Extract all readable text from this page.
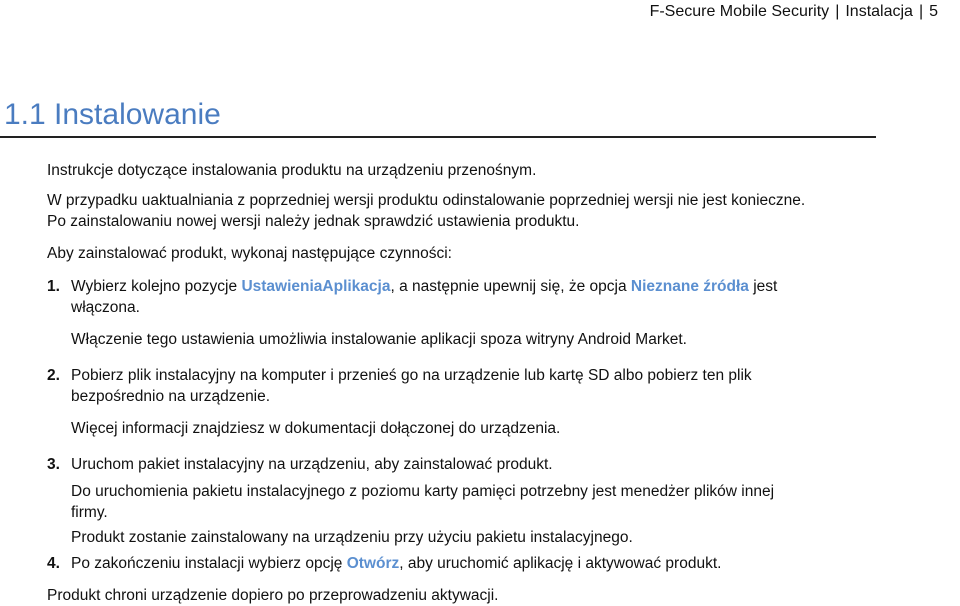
F-Secure Mobile Security | Instalacja | 5
1.1 Instalowanie

Instrukcje dotyczące instalowania produktu na urządzeniu przenośnym.

W przypadku uaktualniania z poprzedniej wersji produktu odinstalowanie poprzedniej wersji nie jest konieczne.

Po zainstalowaniu nowej wersji należy jednak sprawdzić ustawienia produktu.

Aby zainstalować produkt, wykonaj następujące czynności:

1. Wybierz kolejno pozycje UstawieniaAplikacja, a następnie upewnij się, że opcja Nieznane źródła jest

włączona.

Włączenie tego ustawienia umożliwia instalowanie aplikacji spoza witryny Android Market.

2. Pobierz plik instalacyjny na komputer i przenieś go na urządzenie lub kartę SD albo pobierz ten plik

bezpośrednio na urządzenie.

Więcej informacji znajdziesz w dokumentacji dołączonej do urządzenia.

3. Uruchom pakiet instalacyjny na urządzeniu, aby zainstalować produkt.

Do uruchomienia pakietu instalacyjnego z poziomu karty pamięci potrzebny jest menedżer plików innej

firmy.

Produkt zostanie zainstalowany na urządzeniu przy użyciu pakietu instalacyjnego.

4. Po zakończeniu instalacji wybierz opcję Otwórz, aby uruchomić aplikację i aktywować produkt.

Produkt chroni urządzenie dopiero po przeprowadzeniu aktywacji.
